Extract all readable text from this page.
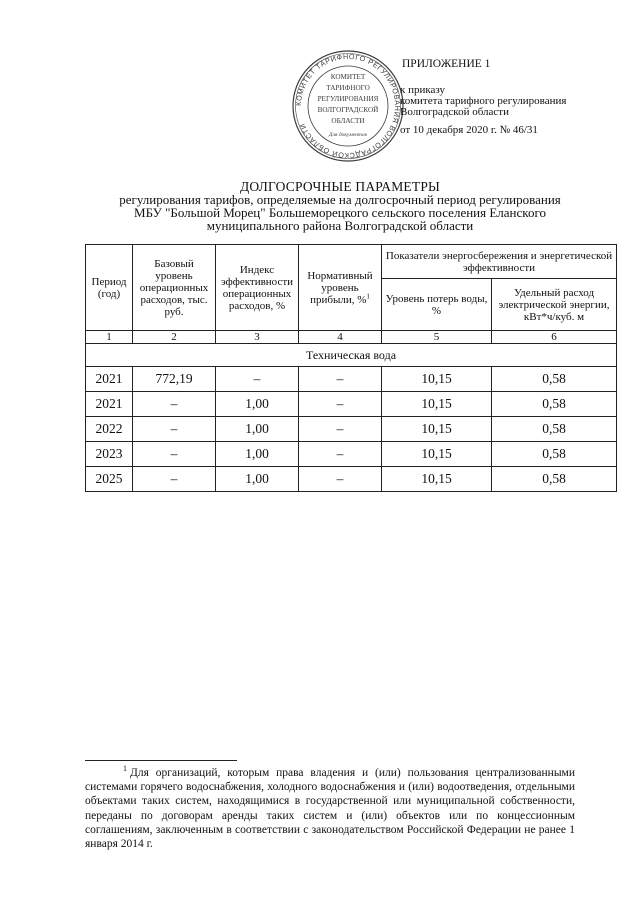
КОМИТЕТ ТАРИФНОГО РЕГУЛИРОВАНИЯ ВОЛГОГРАДСКОЙ ОБЛАСТИ
КОМИТЕТ
ТАРИФНОГО
РЕГУЛИРОВАНИЯ
ВОЛГОГРАДСКОЙ
ОБЛАСТИ
Для документов
ПРИЛОЖЕНИЕ 1
к приказу
комитета тарифного регулирования
Волгоградской области
от 10 декабря 2020 г. № 46/31
ДОЛГОСРОЧНЫЕ ПАРАМЕТРЫ
регулирования тарифов, определяемые на долгосрочный период регулирования
МБУ "Большой Морец" Большеморецкого сельского поселения Еланского
муниципального района Волгоградской области
Период (год)	Базовый уровень операционных расходов, тыс. руб.	Индекс эффективности операционных расходов, %	Нормативный уровень прибыли, %$^1$	Показатели энергосбережения и энергетической эффективности	
				Уровень потерь воды, %	Удельный расход электрической энергии, кВт*ч/куб. м
1	2	3	4	5	6
Техническая вода					
2021	772,19	–	–	10,15	0,58
2021	–	1,00	–	10,15	0,58
2022	–	1,00	–	10,15	0,58
2023	–	1,00	–	10,15	0,58
2025	–	1,00	–	10,15	0,58
$^1$ Для организаций, которым права владения и (или) пользования централизованными системами горячего водоснабжения, холодного водоснабжения и (или) водоотведения, отдельными объектами таких систем, находящимися в государственной или муниципальной собственности, переданы по договорам аренды таких систем и (или) объектов или по концессионным соглашениям, заключенным в соответствии с законодательством Российской Федерации не ранее 1 января 2014 г.
